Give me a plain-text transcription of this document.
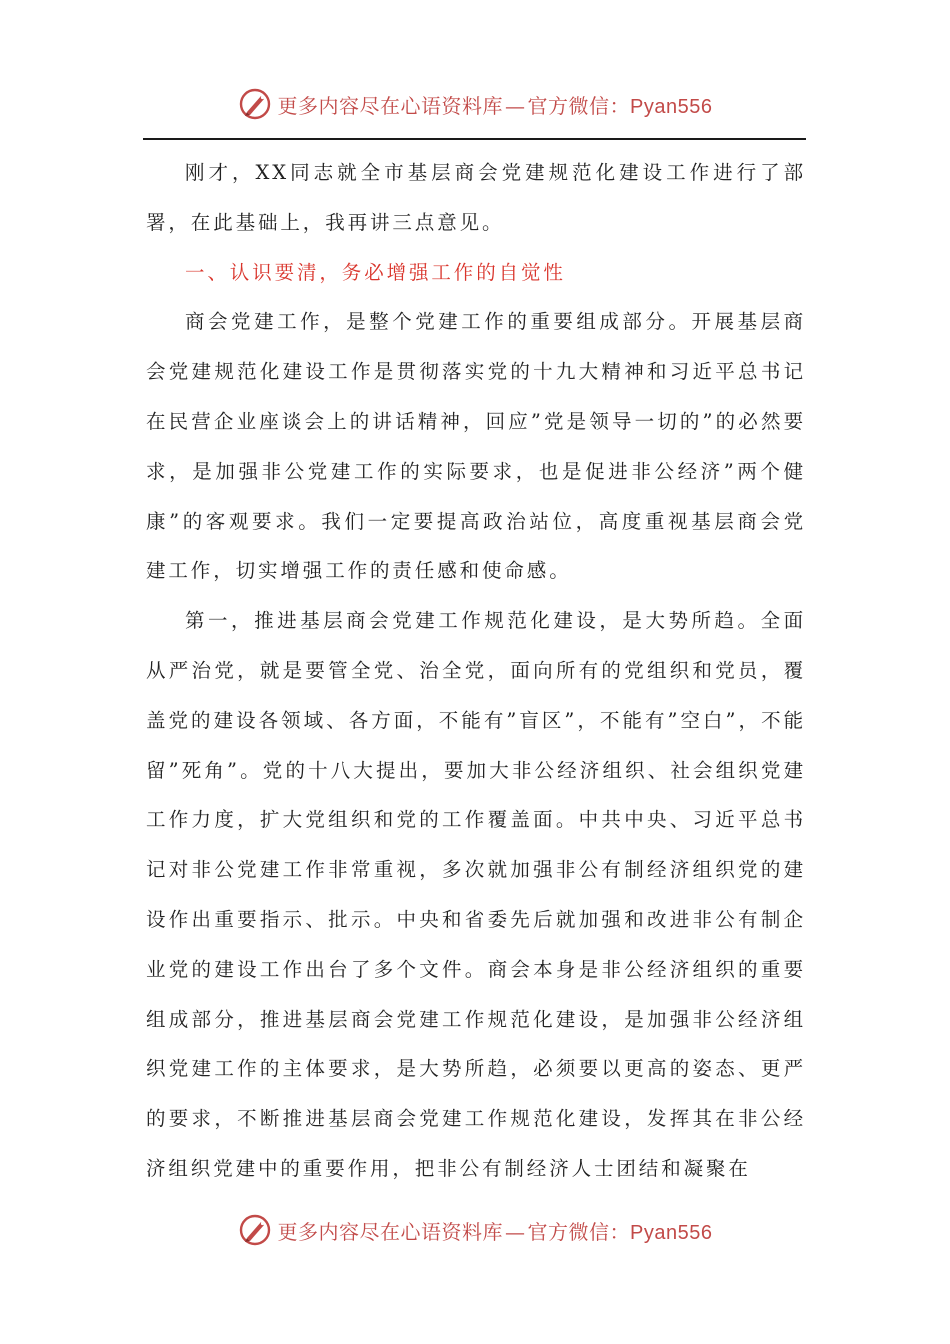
更多内容尽在心语资料库 — 官方微信：Pyan556

刚才，XX同志就全市基层商会党建规范化建设工作进行了部署，在此基础上，我再讲三点意见。

一、认识要清，务必增强工作的自觉性

商会党建工作，是整个党建工作的重要组成部分。开展基层商会党建规范化建设工作是贯彻落实党的十九大精神和习近平总书记在民营企业座谈会上的讲话精神，回应”党是领导一切的”的必然要求，是加强非公党建工作的实际要求，也是促进非公经济”两个健康”的客观要求。我们一定要提高政治站位，高度重视基层商会党建工作，切实增强工作的责任感和使命感。

第一，推进基层商会党建工作规范化建设，是大势所趋。全面从严治党，就是要管全党、治全党，面向所有的党组织和党员，覆盖党的建设各领域、各方面，不能有”盲区”，不能有”空白”，不能留”死角”。党的十八大提出，要加大非公经济组织、社会组织党建工作力度，扩大党组织和党的工作覆盖面。中共中央、习近平总书记对非公党建工作非常重视，多次就加强非公有制经济组织党的建设作出重要指示、批示。中央和省委先后就加强和改进非公有制企业党的建设工作出台了多个文件。商会本身是非公经济组织的重要组成部分，推进基层商会党建工作规范化建设，是加强非公经济组织党建工作的主体要求，是大势所趋，必须要以更高的姿态、更严的要求，不断推进基层商会党建工作规范化建设，发挥其在非公经济组织党建中的重要作用，把非公有制经济人士团结和凝聚在

更多内容尽在心语资料库 — 官方微信：Pyan556
